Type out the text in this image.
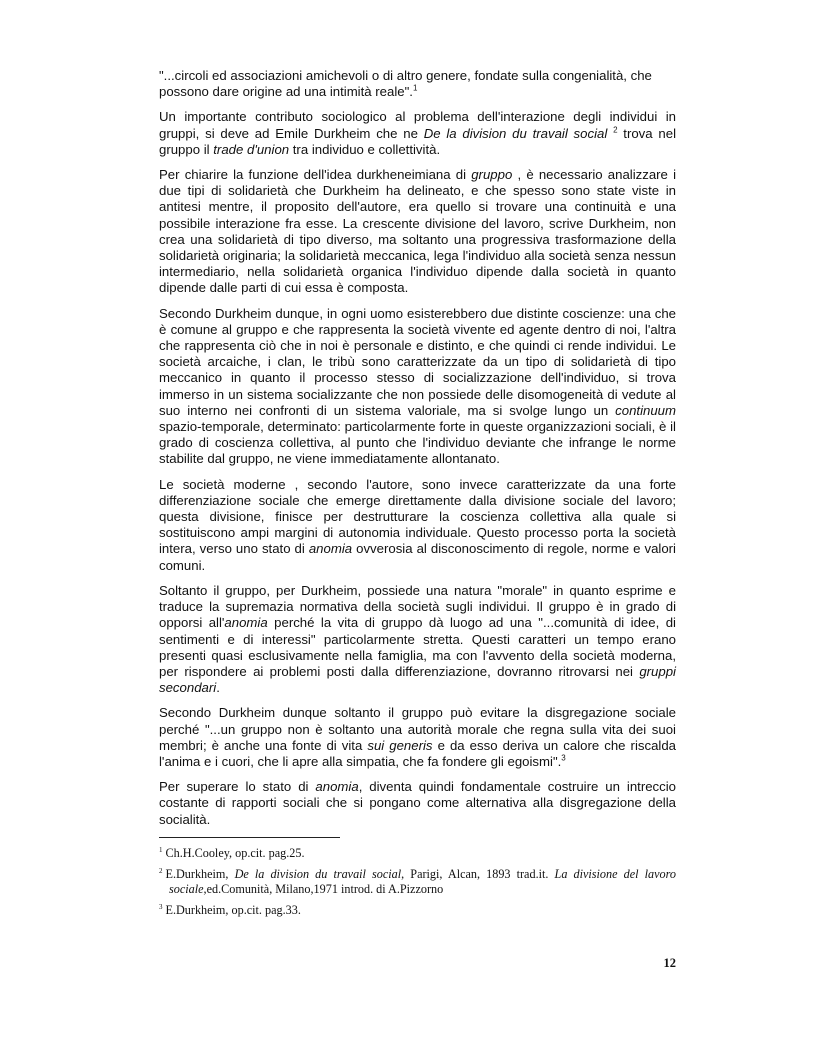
"...circoli ed associazioni amichevoli o di altro genere, fondate sulla congenialità, che possono dare origine ad una intimità reale".$^1$

Un importante contributo sociologico al problema dell'interazione degli individui in gruppi, si deve ad Emile Durkheim che ne De la division du travail social $^2$ trova nel gruppo il trade d'union tra individuo e collettività.

Per chiarire la funzione dell'idea durkheneimiana di gruppo , è necessario analizzare i due tipi di solidarietà che Durkheim ha delineato, e che spesso sono state viste in antitesi mentre, il proposito dell'autore, era quello si trovare una continuità e una possibile interazione fra esse. La crescente divisione del lavoro, scrive Durkheim, non crea una solidarietà di tipo diverso, ma soltanto una progressiva trasformazione della solidarietà originaria; la solidarietà meccanica, lega l'individuo alla società senza nessun intermediario, nella solidarietà organica l'individuo dipende dalla società in quanto dipende dalle parti di cui essa è composta.

Secondo Durkheim dunque, in ogni uomo esisterebbero due distinte coscienze: una che è comune al gruppo e che rappresenta la società vivente ed agente dentro di noi, l'altra che rappresenta ciò che in noi è personale e distinto, e che quindi ci rende individui. Le società arcaiche, i clan, le tribù sono caratterizzate da un tipo di solidarietà di tipo meccanico in quanto il processo stesso di socializzazione dell'individuo, si trova immerso in un sistema socializzante che non possiede delle disomogeneità di vedute al suo interno nei confronti di un sistema valoriale, ma si svolge lungo un continuum spazio-temporale, determinato: particolarmente forte in queste organizzazioni sociali, è il grado di coscienza collettiva, al punto che l'individuo deviante che infrange le norme stabilite dal gruppo, ne viene immediatamente allontanato.

Le società moderne , secondo l'autore, sono invece caratterizzate da una forte differenziazione sociale che emerge direttamente dalla divisione sociale del lavoro; questa divisione, finisce per destrutturare la coscienza collettiva alla quale si sostituiscono ampi margini di autonomia individuale. Questo processo porta la società intera, verso uno stato di anomia ovverosia al disconoscimento di regole, norme e valori comuni.

Soltanto il gruppo, per Durkheim, possiede una natura "morale" in quanto esprime e traduce la supremazia normativa della società sugli individui. Il gruppo è in grado di opporsi all'anomia perché la vita di gruppo dà luogo ad una "...comunità di idee, di sentimenti e di interessi" particolarmente stretta. Questi caratteri un tempo erano presenti quasi esclusivamente nella famiglia, ma con l'avvento della società moderna, per rispondere ai problemi posti dalla differenziazione, dovranno ritrovarsi nei gruppi secondari.

Secondo Durkheim dunque soltanto il gruppo può evitare la disgregazione sociale perché "...un gruppo non è soltanto una autorità morale che regna sulla vita dei suoi membri; è anche una fonte di vita sui generis e da esso deriva un calore che riscalda l'anima e i cuori, che li apre alla simpatia, che fa fondere gli egoismi".$^3$

Per superare lo stato di anomia, diventa quindi fondamentale costruire un intreccio costante di rapporti sociali che si pongano come alternativa alla disgregazione della socialità.

$^1$ Ch.H.Cooley, op.cit. pag.25.
$^2$ E.Durkheim, De la division du travail social, Parigi, Alcan, 1893 trad.it. La divisione del lavoro sociale,ed.Comunità, Milano,1971 introd. di A.Pizzorno
$^3$ E.Durkheim, op.cit. pag.33.
12
